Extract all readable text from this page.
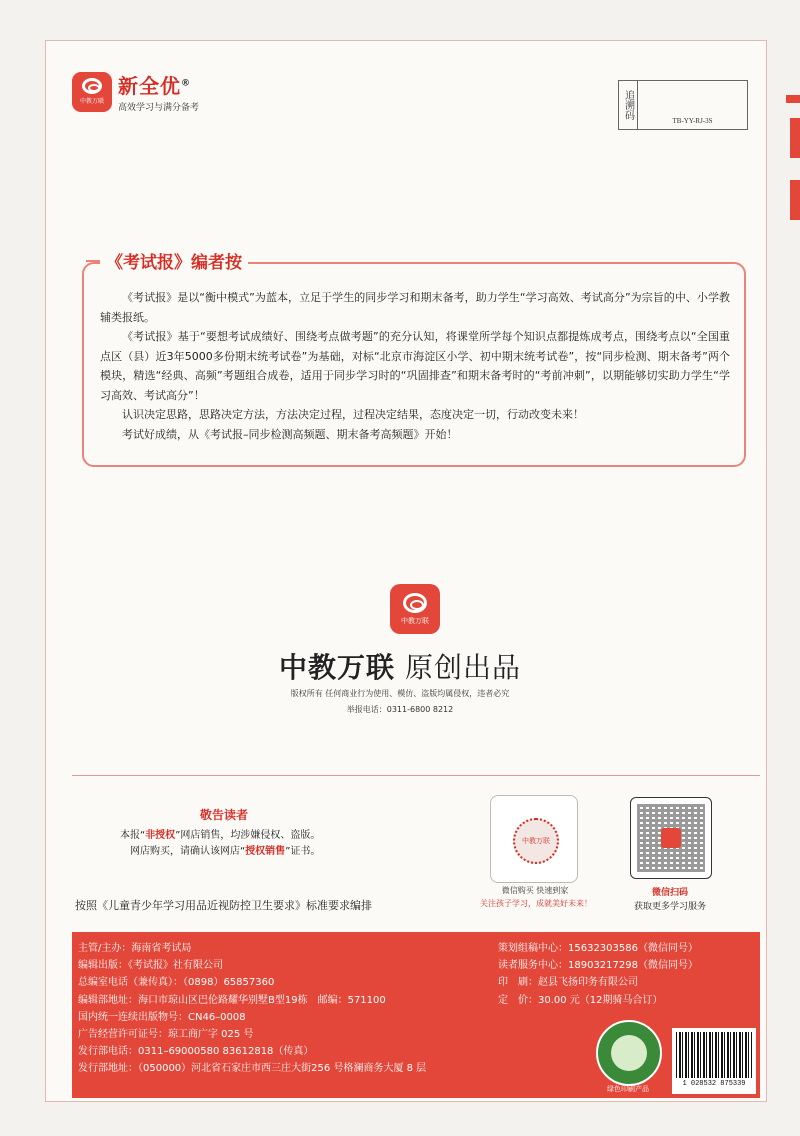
中教万联
新全优®
高效学习与满分备考	追溯码
TB-YY-RJ-3S
《考试报》编者按

《考试报》是以“衡中模式”为蓝本，立足于学生的同步学习和期末备考，助力学生“学习高效、考试高分”为宗旨的中、小学教辅类报纸。

《考试报》基于“要想考试成绩好、围绕考点做考题”的充分认知，将课堂所学每个知识点都提炼成考点，围绕考点以“全国重点区（县）近3年5000多份期末统考试卷”为基础，对标“北京市海淀区小学、初中期末统考试卷”，按“同步检测、期末备考”两个模块，精选“经典、高频”考题组合成卷，适用于同步学习时的“巩固排查”和期末备考时的“考前冲刺”，以期能够切实助力学生“学习高效、考试高分”！

认识决定思路，思路决定方法，方法决定过程，过程决定结果，态度决定一切，行动改变未来！

考试好成绩，从《考试报–同步检测高频题、期末备考高频题》开始！

中教万联
中教万联 原创出品
版权所有 任何商业行为使用、模仿、盗版均属侵权，违者必究
举报电话：0311-6800 8212
敬告读者
本报“非授权”网店销售，均涉嫌侵权、盗版。
网店购买，请确认该网店“授权销售”证书。
按照《儿童青少年学习用品近视防控卫生要求》标准要求编排
中教万联
微信购买 快速到家
关注孩子学习，成就美好未来！
微信扫码
获取更多学习服务
主管/主办：海南省考试局
编辑出版：《考试报》社有限公司
总编室电话（兼传真）：（0898）65857360
编辑部地址：海口市琼山区巴伦路耀华别墅B型19栋　邮编：571100
国内统一连续出版物号：CN46–0008
广告经营许可证号：琼工商广字 025 号
发行部电话：0311–69000580 83612818（传真）
发行部地址：（050000）河北省石家庄市西三庄大街256 号格澜商务大厦 8 层
策划组稿中心：15632303586（微信同号）
读者服务中心：18903217298（微信同号）
印　刷：赵县飞扬印务有限公司
定　价：30.00 元（12期骑马合订）
绿色印刷产品
1 028532 875339
